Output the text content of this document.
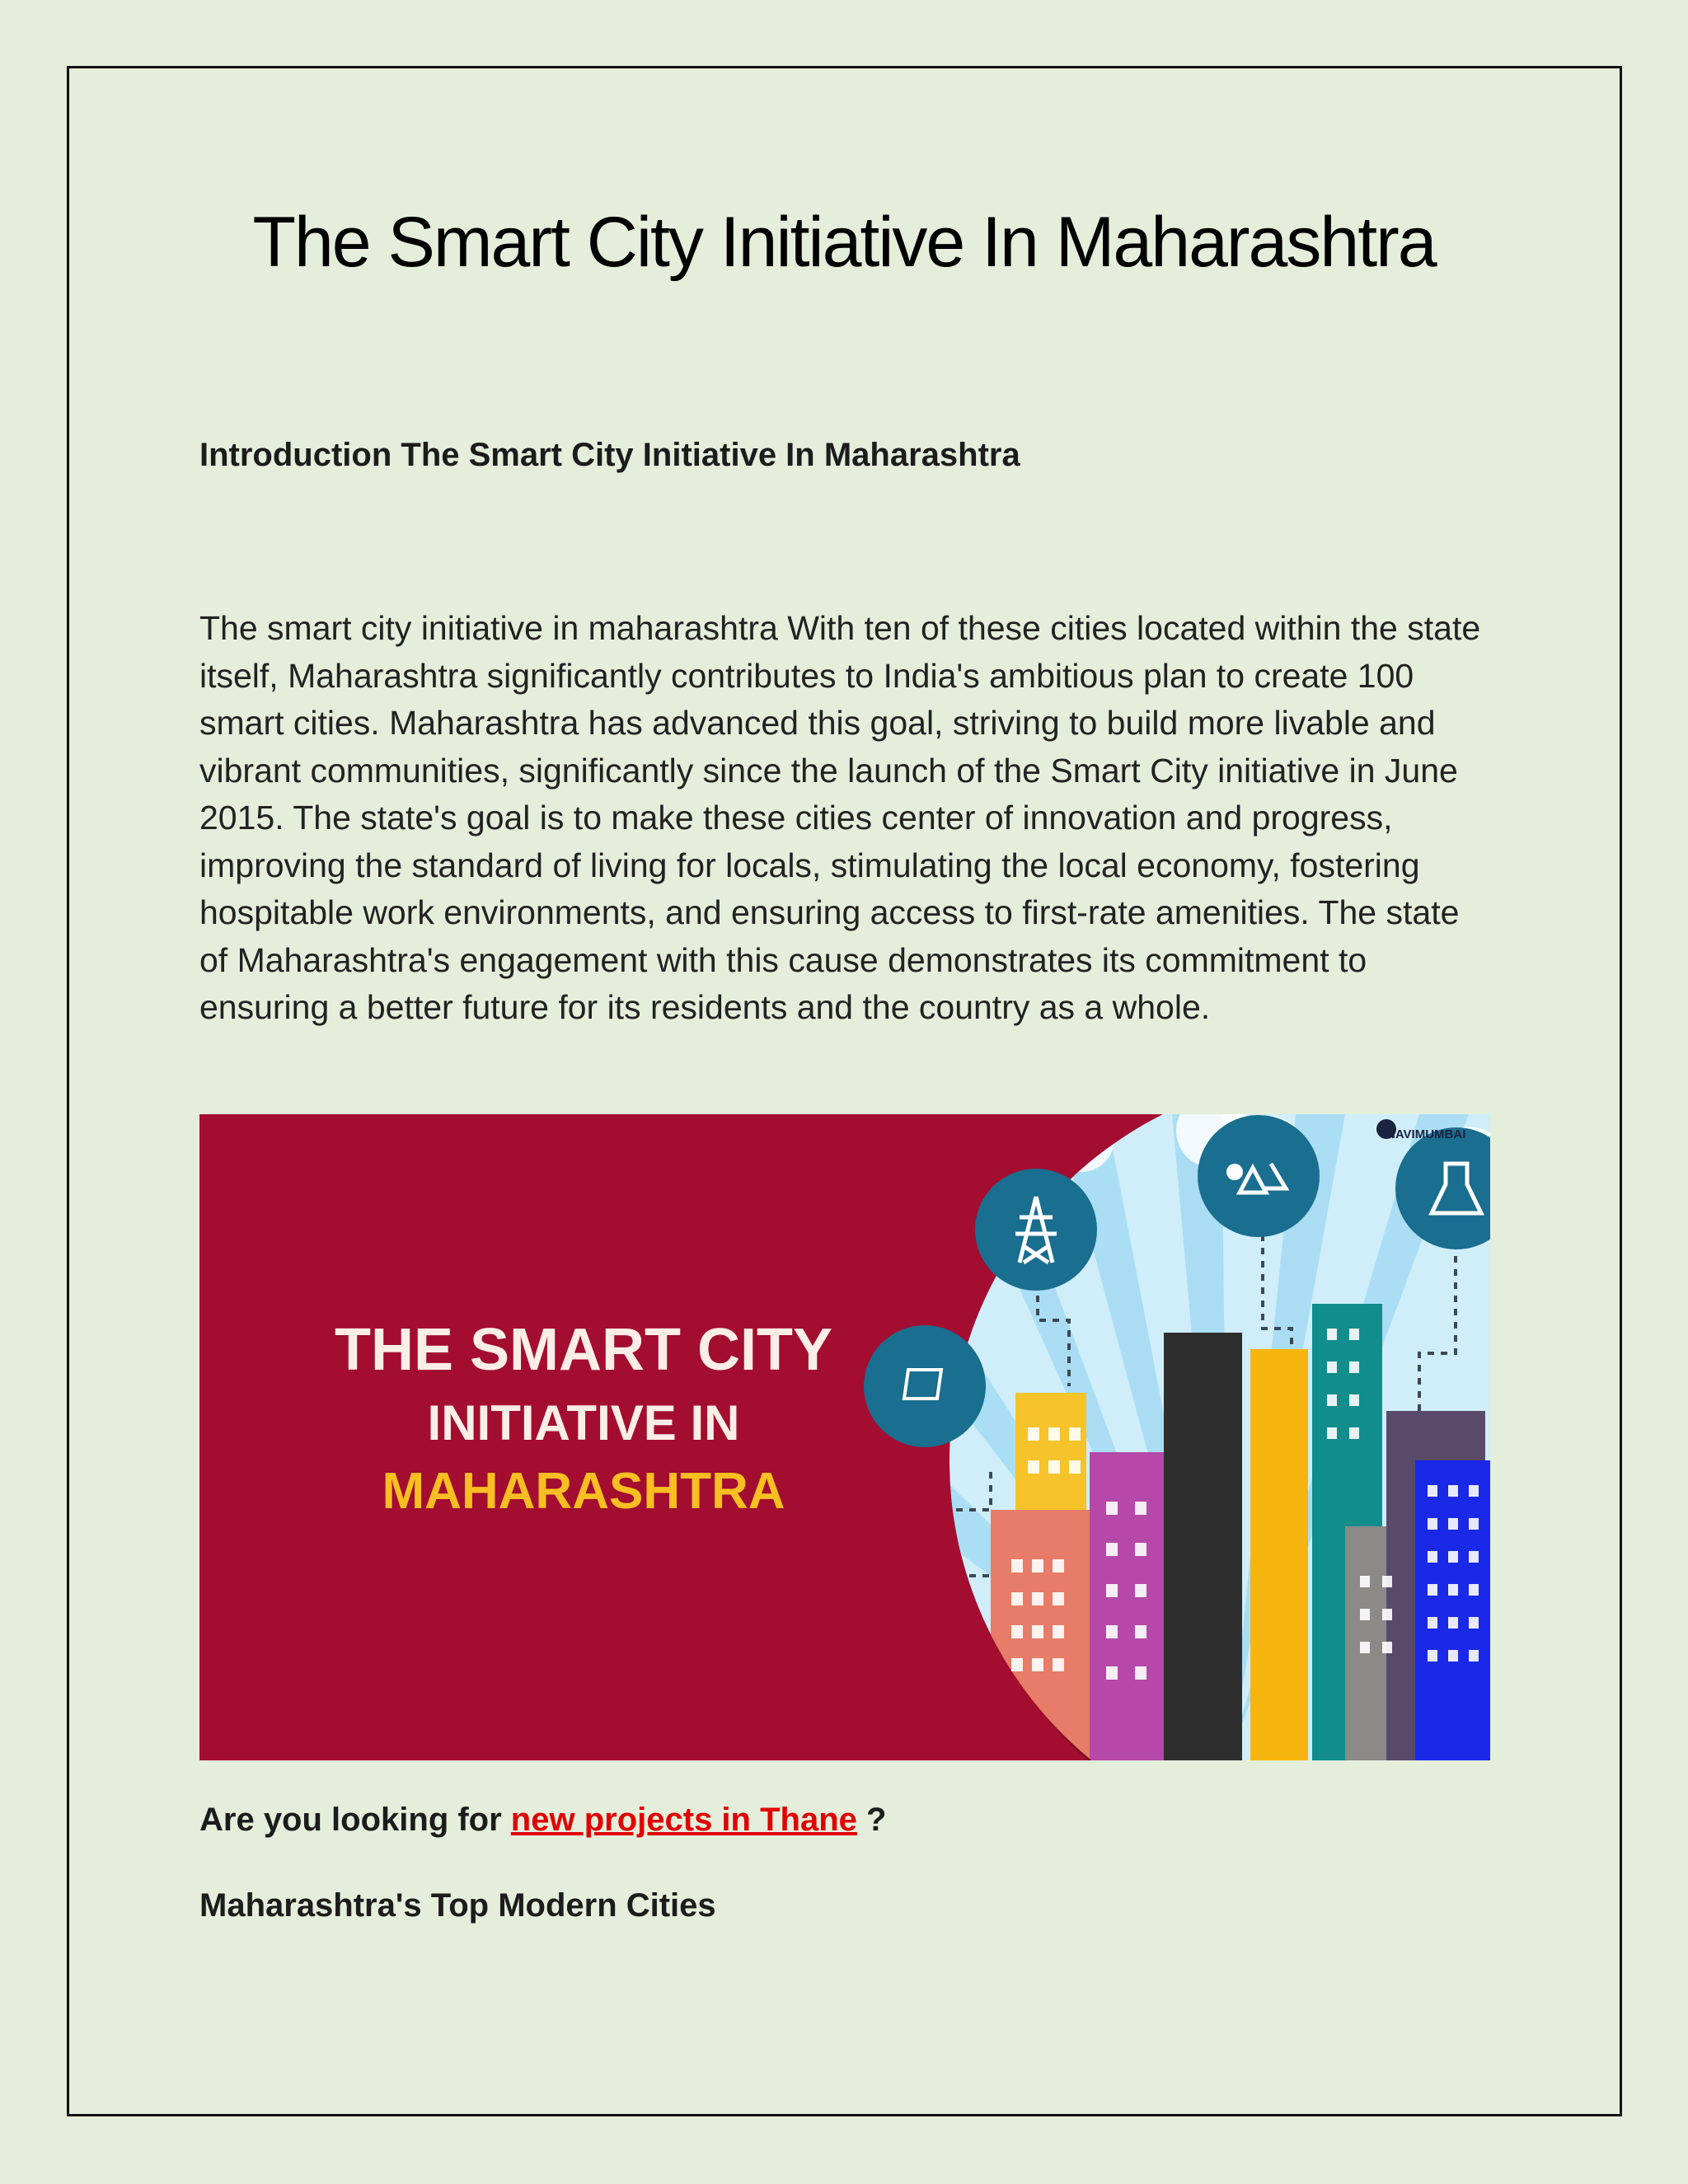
The Smart City Initiative In Maharashtra
Introduction The Smart City Initiative In Maharashtra
The smart city initiative in maharashtra With ten of these cities located within the state itself, Maharashtra significantly contributes to India's ambitious plan to create 100 smart cities. Maharashtra has advanced this goal, striving to build more livable and vibrant communities, significantly since the launch of the Smart City initiative in June 2015. The state's goal is to make these cities center of innovation and progress, improving the standard of living for locals, stimulating the local economy, fostering hospitable work environments, and ensuring access to first-rate amenities. The state of Maharashtra's engagement with this cause demonstrates its commitment to ensuring a better future for its residents and the country as a whole.
THE SMART CITY
INITIATIVE IN
MAHARASHTRA
NAVIMUMBAI
Are you looking for new projects in Thane ?
Maharashtra's Top Modern Cities
